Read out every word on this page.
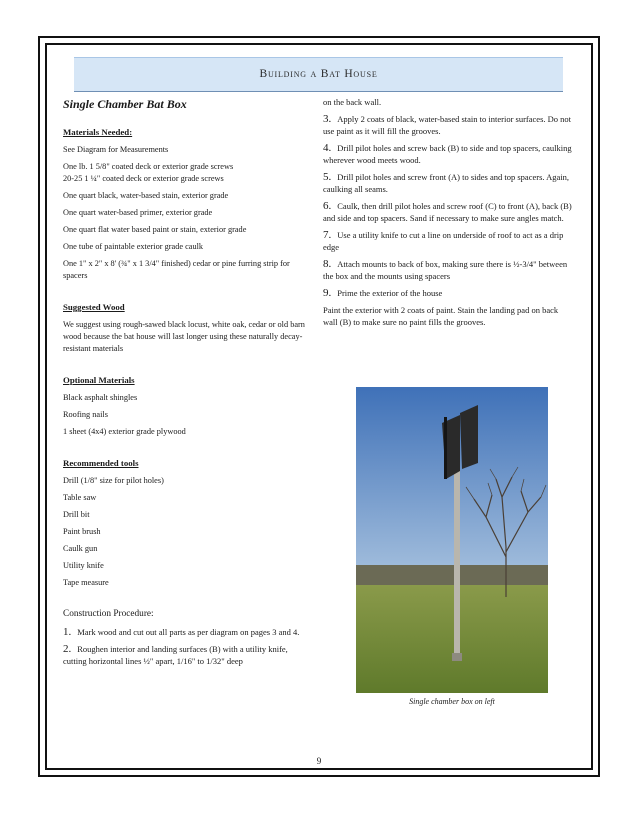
Building a Bat House
Single Chamber Bat Box
Materials Needed:
See Diagram for Measurements
One lb. 1 5/8" coated deck or exterior grade screws
20-25 1 ¼" coated deck or exterior grade screws
One quart black, water-based stain, exterior grade
One quart water-based primer, exterior grade
One quart flat water based paint or stain, exterior grade
One tube of paintable exterior grade caulk
One 1" x 2" x 8' (¾" x 1 3/4" finished) cedar or pine furring strip for spacers
Suggested Wood
We suggest using rough-sawed black locust, white oak, cedar or old barn wood because the bat house will last longer using these naturally decay-resistant materials
Optional Materials
Black asphalt shingles
Roofing nails
1 sheet (4x4) exterior grade plywood
Recommended tools
Drill (1/8" size for pilot holes)
Table saw
Drill bit
Paint brush
Caulk gun
Utility knife
Tape measure
Construction Procedure:
1. Mark wood and cut out all parts as per diagram on pages 3 and 4.
2. Roughen interior and landing surfaces (B) with a utility knife, cutting horizontal lines ½" apart, 1/16" to 1/32" deep
on the back wall.
3. Apply 2 coats of black, water-based stain to interior surfaces. Do not use paint as it will fill the grooves.
4. Drill pilot holes and screw back (B) to side and top spacers, caulking wherever wood meets wood.
5. Drill pilot holes and screw front (A) to sides and top spacers. Again, caulking all seams.
6. Caulk, then drill pilot holes and screw roof (C) to front (A), back (B) and side and top spacers. Sand if necessary to make sure angles match.
7. Use a utility knife to cut a line on underside of roof to act as a drip edge
8. Attach mounts to back of box, making sure there is ½-3/4" between the box and the mounts using spacers
9. Prime the exterior of the house
Paint the exterior with 2 coats of paint. Stain the landing pad on back wall (B) to make sure no paint fills the grooves.
Single chamber box on left
9
